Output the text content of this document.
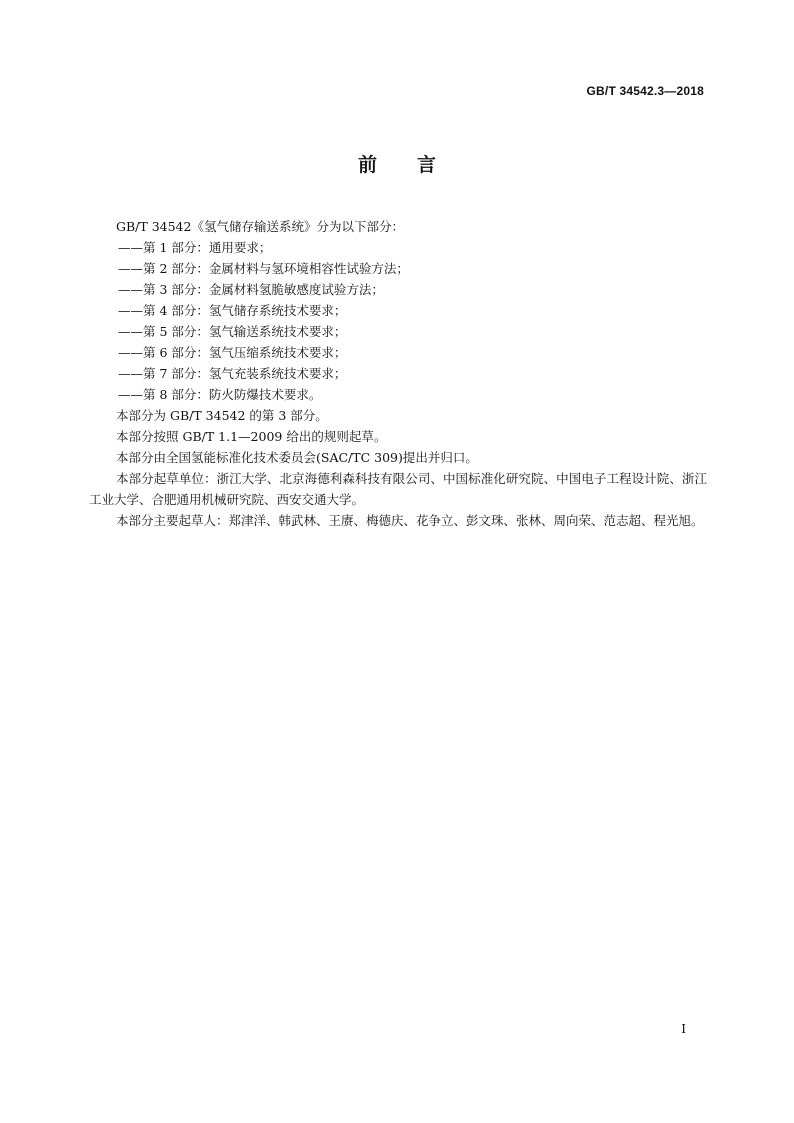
GB/T 34542.3—2018
前言

GB/T 34542《氢气储存输送系统》分为以下部分：

——第 1 部分：通用要求；

——第 2 部分：金属材料与氢环境相容性试验方法；

——第 3 部分：金属材料氢脆敏感度试验方法；

——第 4 部分：氢气储存系统技术要求；

——第 5 部分：氢气输送系统技术要求；

——第 6 部分：氢气压缩系统技术要求；

——第 7 部分：氢气充装系统技术要求；

——第 8 部分：防火防爆技术要求。

本部分为 GB/T 34542 的第 3 部分。

本部分按照 GB/T 1.1—2009 给出的规则起草。

本部分由全国氢能标准化技术委员会(SAC/TC 309)提出并归口。

本部分起草单位：浙江大学、北京海德利森科技有限公司、中国标准化研究院、中国电子工程设计院、浙江工业大学、合肥通用机械研究院、西安交通大学。

本部分主要起草人：郑津洋、韩武林、王赓、梅德庆、花争立、彭文珠、张林、周向荣、范志超、程光旭。

I
